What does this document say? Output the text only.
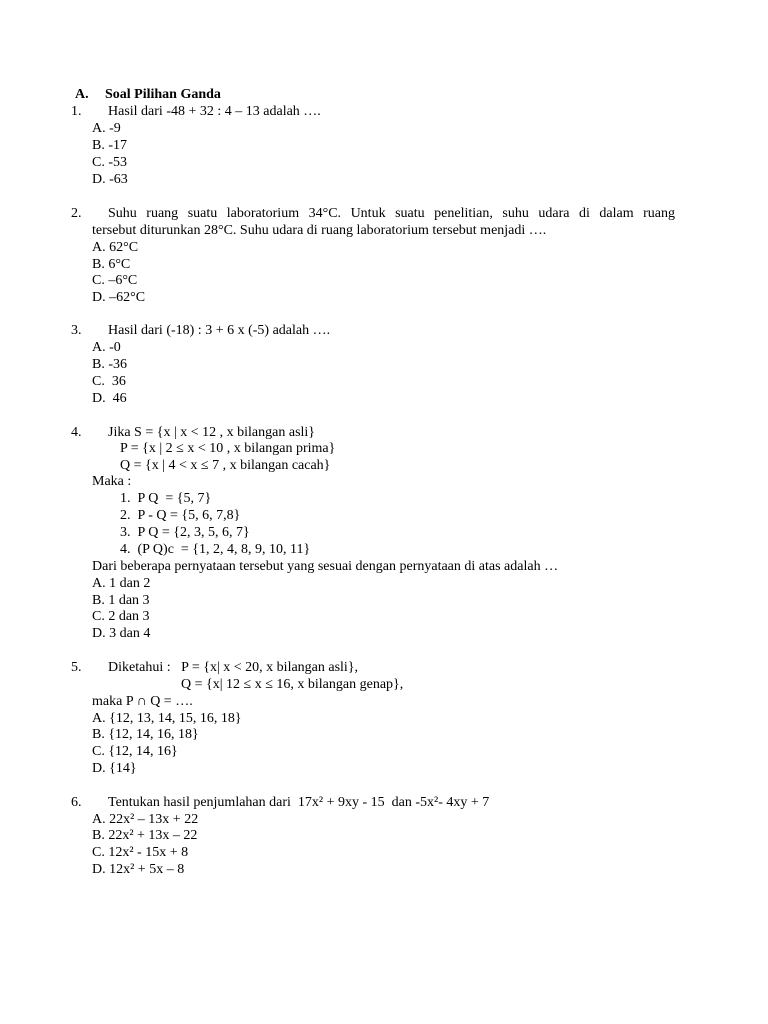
A. Soal Pilihan Ganda
1. Hasil dari -48 + 32 : 4 – 13 adalah ….
A. -9
B. -17
C. -53
D. -63
2. Suhu ruang suatu laboratorium 34°C. Untuk suatu penelitian, suhu udara di dalam ruang
tersebut diturunkan 28°C. Suhu udara di ruang laboratorium tersebut menjadi ….
A. 62°C
B. 6°C
C. –6°C
D. –62°C
3. Hasil dari (-18) : 3 + 6 x (-5) adalah ….
A. -0
B. -36
C.  36
D.  46
4. Jika S = {x | x < 12 , x bilangan asli}
P = {x | 2 ≤ x < 10 , x bilangan prima}
Q = {x | 4 < x ≤ 7 , x bilangan cacah}
Maka :
1.  P Q  = {5, 7}
2.  P - Q = {5, 6, 7,8}
3.  P Q = {2, 3, 5, 6, 7}
4.  (P Q)c  = {1, 2, 4, 8, 9, 10, 11}
Dari beberapa pernyataan tersebut yang sesuai dengan pernyataan di atas adalah …
A. 1 dan 2
B. 1 dan 3
C. 2 dan 3
D. 3 dan 4
5. Diketahui :   P = {x| x < 20, x bilangan asli},
Q = {x| 12 ≤ x ≤ 16, x bilangan genap},
maka P ∩ Q = ….
A. {12, 13, 14, 15, 16, 18}
B. {12, 14, 16, 18}
C. {12, 14, 16}
D. {14}
6. Tentukan hasil penjumlahan dari  17x² + 9xy - 15  dan -5x²- 4xy + 7
A. 22x² – 13x + 22
B. 22x² + 13x – 22
C. 12x² - 15x + 8
D. 12x² + 5x – 8
